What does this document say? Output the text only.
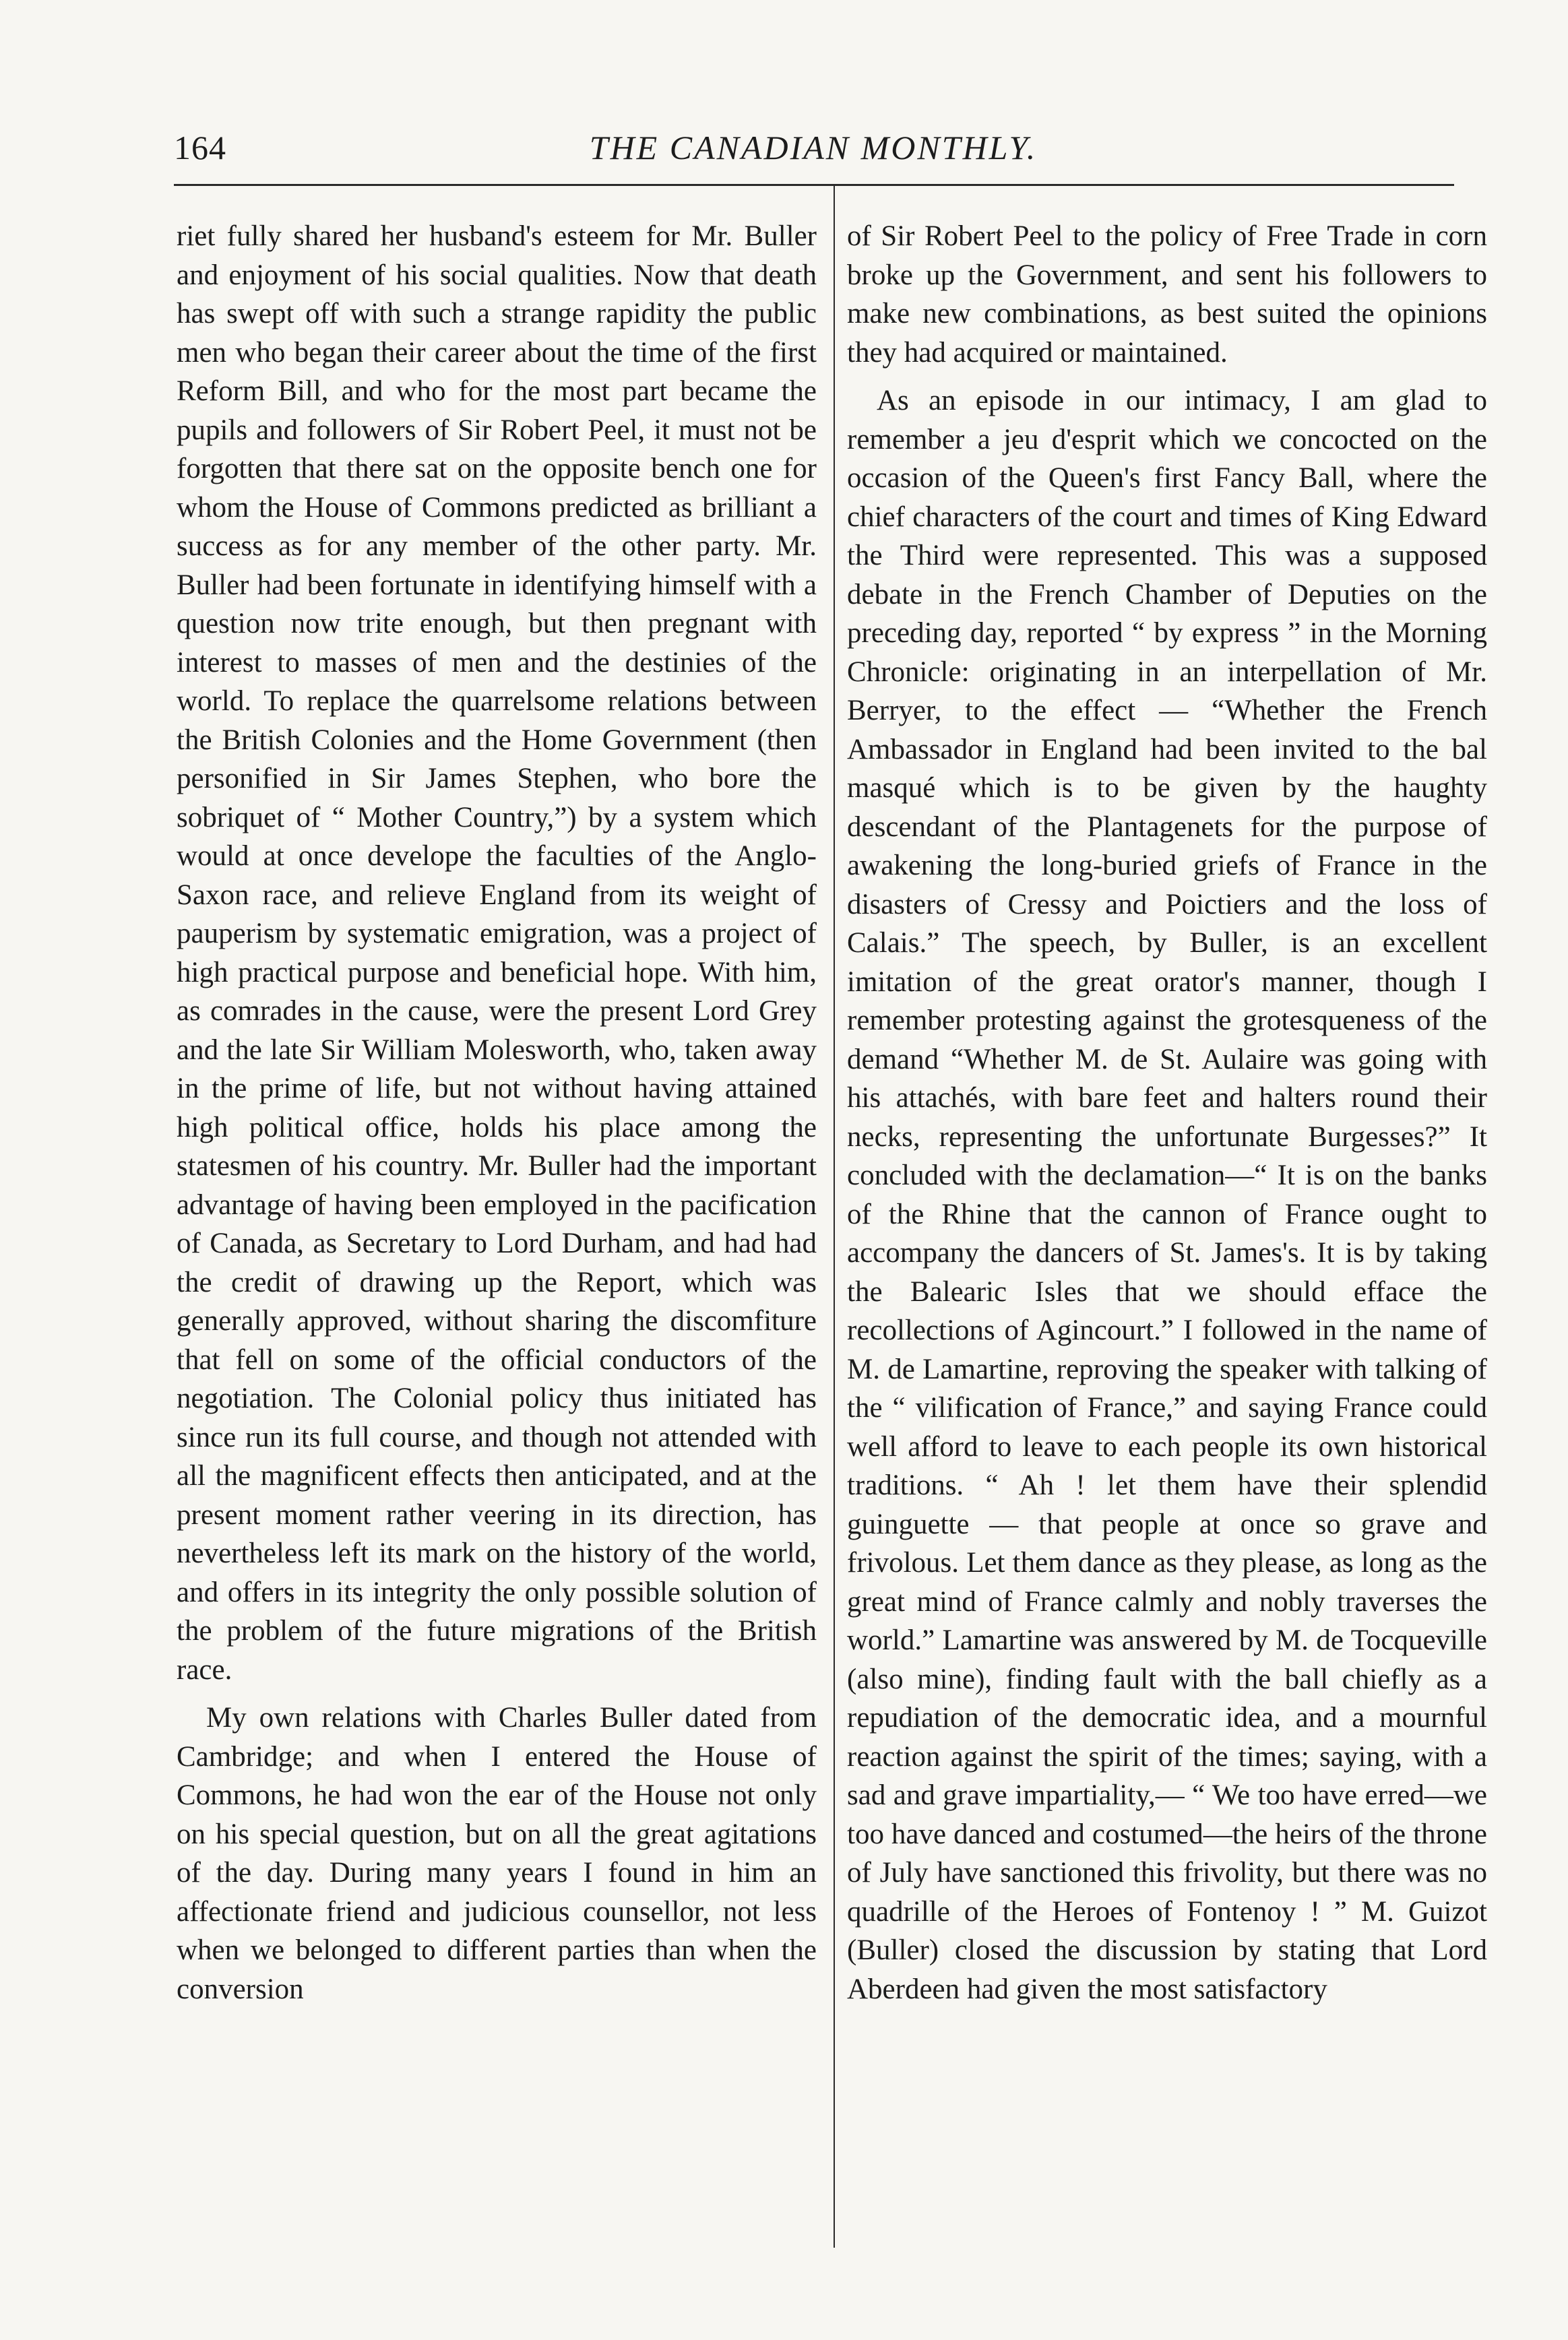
164	THE CANADIAN MONTHLY.

riet fully shared her husband's esteem for Mr. Buller and enjoyment of his social qualities. Now that death has swept off with such a strange rapidity the public men who began their career about the time of the first Reform Bill, and who for the most part became the pupils and followers of Sir Robert Peel, it must not be forgotten that there sat on the opposite bench one for whom the House of Commons predicted as brilliant a success as for any member of the other party. Mr. Buller had been fortunate in identifying himself with a question now trite enough, but then pregnant with interest to masses of men and the destinies of the world. To replace the quarrelsome relations between the British Colonies and the Home Government (then personified in Sir James Stephen, who bore the sobriquet of “ Mother Country,”) by a system which would at once develope the faculties of the Anglo-Saxon race, and relieve England from its weight of pauperism by systematic emigration, was a project of high practical purpose and beneficial hope. With him, as comrades in the cause, were the present Lord Grey and the late Sir William Molesworth, who, taken away in the prime of life, but not without having attained high political office, holds his place among the statesmen of his country. Mr. Buller had the important advantage of having been employed in the pacification of Canada, as Secretary to Lord Durham, and had had the credit of drawing up the Report, which was generally approved, without sharing the discomfiture that fell on some of the official conductors of the negotiation. The Colonial policy thus initiated has since run its full course, and though not attended with all the magnificent effects then anticipated, and at the present moment rather veering in its direction, has nevertheless left its mark on the history of the world, and offers in its integrity the only possible solution of the problem of the future migrations of the British race.

My own relations with Charles Buller dated from Cambridge; and when I entered the House of Commons, he had won the ear of the House not only on his special question, but on all the great agitations of the day. During many years I found in him an affectionate friend and judicious counsellor, not less when we belonged to different parties than when the conversion

of Sir Robert Peel to the policy of Free Trade in corn broke up the Government, and sent his followers to make new combinations, as best suited the opinions they had acquired or maintained.

As an episode in our intimacy, I am glad to remember a jeu d'esprit which we concocted on the occasion of the Queen's first Fancy Ball, where the chief characters of the court and times of King Edward the Third were represented. This was a supposed debate in the French Chamber of Deputies on the preceding day, reported “ by express ” in the Morning Chronicle: originating in an interpellation of Mr. Berryer, to the effect — “Whether the French Ambassador in England had been invited to the bal masqué which is to be given by the haughty descendant of the Plantagenets for the purpose of awakening the long-buried griefs of France in the disasters of Cressy and Poictiers and the loss of Calais.” The speech, by Buller, is an excellent imitation of the great orator's manner, though I remember protesting against the grotesqueness of the demand “Whether M. de St. Aulaire was going with his attachés, with bare feet and halters round their necks, representing the unfortunate Burgesses?” It concluded with the declamation—“ It is on the banks of the Rhine that the cannon of France ought to accompany the dancers of St. James's. It is by taking the Balearic Isles that we should efface the recollections of Agincourt.” I followed in the name of M. de Lamartine, reproving the speaker with talking of the “ vilification of France,” and saying France could well afford to leave to each people its own historical traditions. “ Ah ! let them have their splendid guinguette — that people at once so grave and frivolous. Let them dance as they please, as long as the great mind of France calmly and nobly traverses the world.” Lamartine was answered by M. de Tocqueville (also mine), finding fault with the ball chiefly as a repudiation of the democratic idea, and a mournful reaction against the spirit of the times; saying, with a sad and grave impartiality,— “ We too have erred—we too have danced and costumed—the heirs of the throne of July have sanctioned this frivolity, but there was no quadrille of the Heroes of Fontenoy ! ” M. Guizot (Buller) closed the discussion by stating that Lord Aberdeen had given the most satisfactory
